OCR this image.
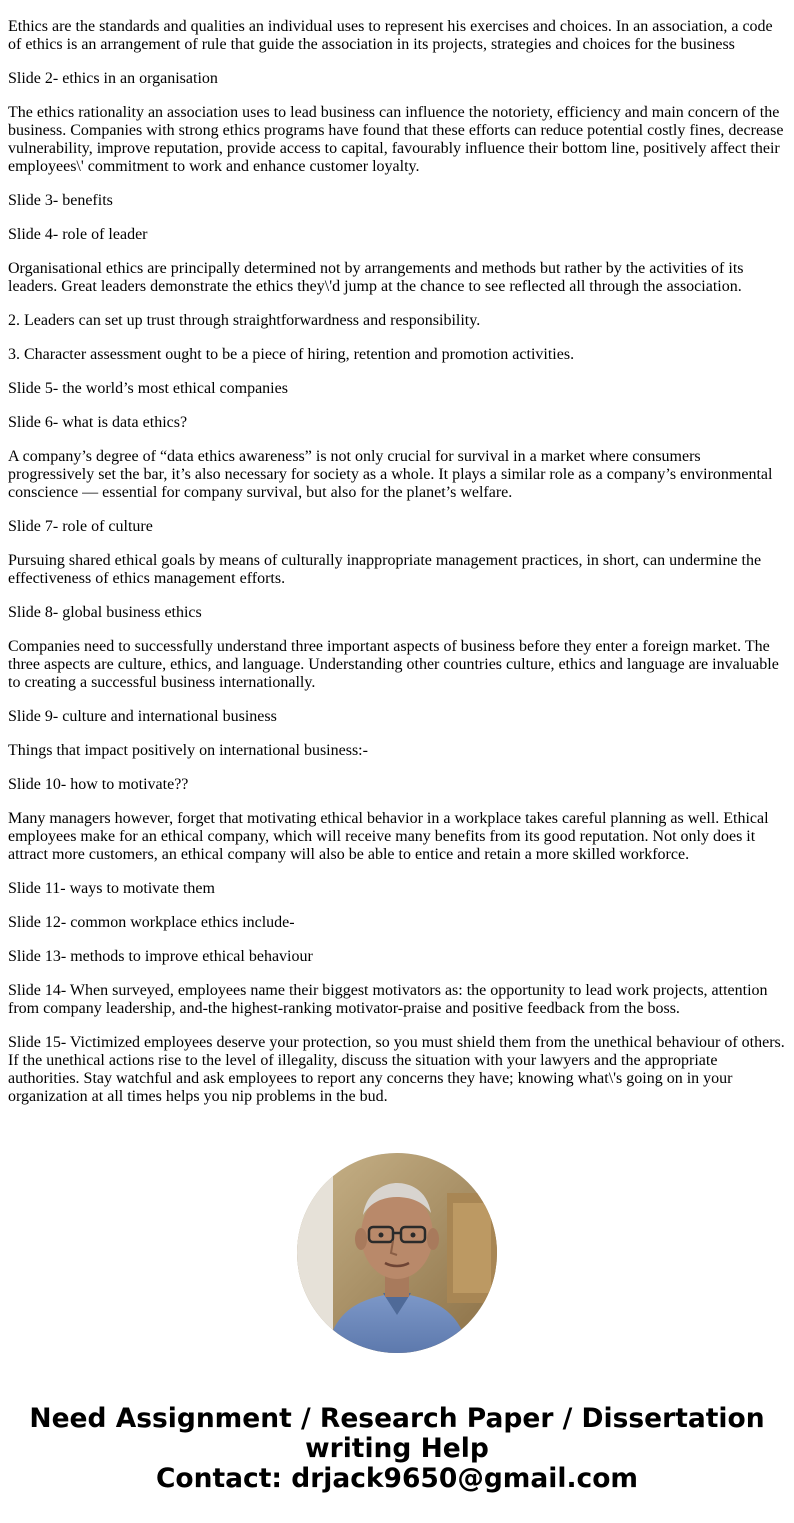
Ethics are the standards and qualities an individual uses to represent his exercises and choices. In an association, a code of ethics is an arrangement of rule that guide the association in its projects, strategies and choices for the business

Slide 2- ethics in an organisation

The ethics rationality an association uses to lead business can influence the notoriety, efficiency and main concern of the business. Companies with strong ethics programs have found that these efforts can reduce potential costly fines, decrease vulnerability, improve reputation, provide access to capital, favourably influence their bottom line, positively affect their employees\' commitment to work and enhance customer loyalty.

Slide 3- benefits

Slide 4- role of leader

Organisational ethics are principally determined not by arrangements and methods but rather by the activities of its leaders. Great leaders demonstrate the ethics they\'d jump at the chance to see reflected all through the association.

2. Leaders can set up trust through straightforwardness and responsibility.

3. Character assessment ought to be a piece of hiring, retention and promotion activities.

Slide 5- the world’s most ethical companies

Slide 6- what is data ethics?

A company’s degree of “data ethics awareness” is not only crucial for survival in a market where consumers progressively set the bar, it’s also necessary for society as a whole. It plays a similar role as a company’s environmental conscience — essential for company survival, but also for the planet’s welfare.

Slide 7- role of culture

Pursuing shared ethical goals by means of culturally inappropriate management practices, in short, can undermine the effectiveness of ethics management efforts.

Slide 8- global business ethics

Companies need to successfully understand three important aspects of business before they enter a foreign market. The three aspects are culture, ethics, and language. Understanding other countries culture, ethics and language are invaluable to creating a successful business internationally.

Slide 9- culture and international business

Things that impact positively on international business:-

Slide 10- how to motivate??

Many managers however, forget that motivating ethical behavior in a workplace takes careful planning as well. Ethical employees make for an ethical company, which will receive many benefits from its good reputation. Not only does it attract more customers, an ethical company will also be able to entice and retain a more skilled workforce.

Slide 11- ways to motivate them

Slide 12- common workplace ethics include-

Slide 13- methods to improve ethical behaviour

Slide 14- When surveyed, employees name their biggest motivators as: the opportunity to lead work projects, attention from company leadership, and-the highest-ranking motivator-praise and positive feedback from the boss.

Slide 15- Victimized employees deserve your protection, so you must shield them from the unethical behaviour of others. If the unethical actions rise to the level of illegality, discuss the situation with your lawyers and the appropriate authorities. Stay watchful and ask employees to report any concerns they have; knowing what\'s going on in your organization at all times helps you nip problems in the bud.

Need Assignment / Research Paper / Dissertation
writing Help
Contact: drjack9650@gmail.com
